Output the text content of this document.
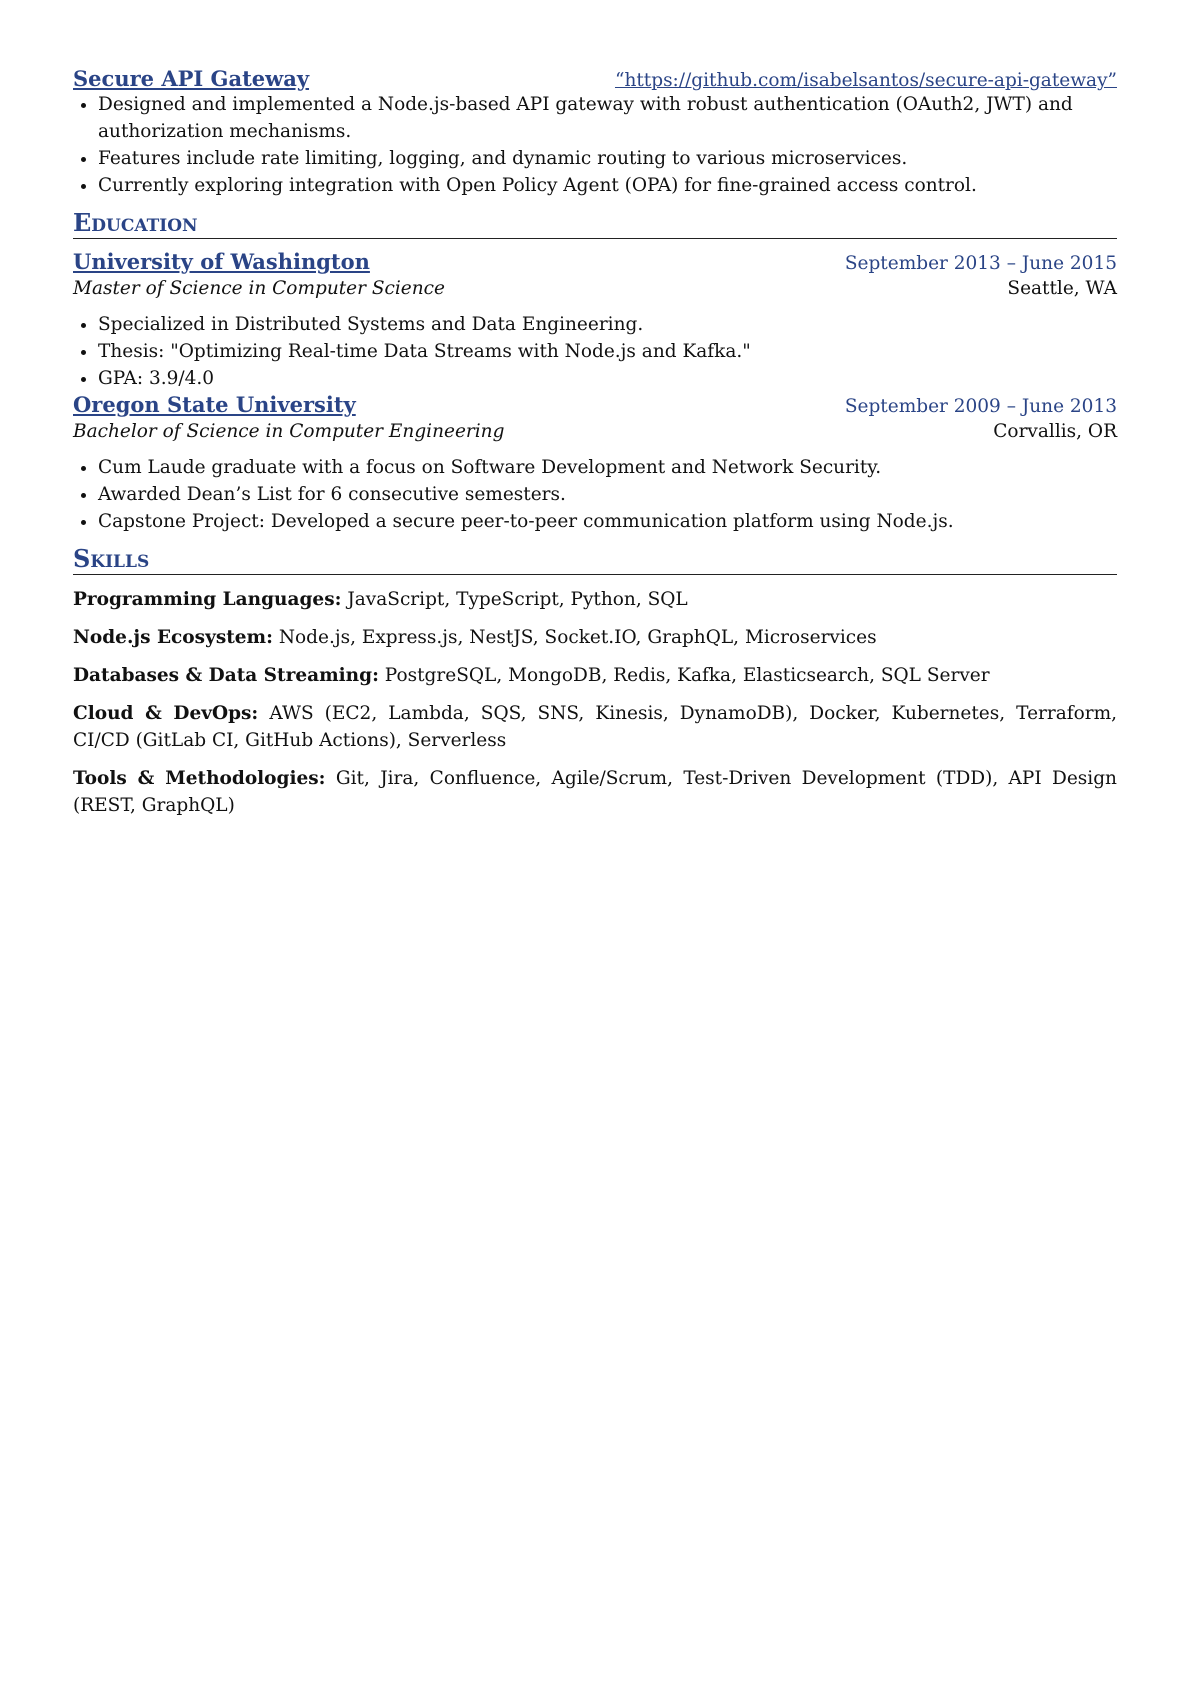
Secure API Gateway	“https://github.com/isabelsantos/secure-api-gateway”
• Designed and implemented a Node.js-based API gateway with robust authentication (OAuth2, JWT) and authorization mechanisms.
• Features include rate limiting, logging, and dynamic routing to various microservices.
• Currently exploring integration with Open Policy Agent (OPA) for fine-grained access control.
Education
University of Washington	September 2013 – June 2015
Master of Science in Computer Science	Seattle, WA
• Specialized in Distributed Systems and Data Engineering.
• Thesis: "Optimizing Real-time Data Streams with Node.js and Kafka."
• GPA: 3.9/4.0
Oregon State University	September 2009 – June 2013
Bachelor of Science in Computer Engineering	Corvallis, OR
• Cum Laude graduate with a focus on Software Development and Network Security.
• Awarded Dean’s List for 6 consecutive semesters.
• Capstone Project: Developed a secure peer-to-peer communication platform using Node.js.
Skills
Programming Languages: JavaScript, TypeScript, Python, SQL
Node.js Ecosystem: Node.js, Express.js, NestJS, Socket.IO, GraphQL, Microservices
Databases & Data Streaming: PostgreSQL, MongoDB, Redis, Kafka, Elasticsearch, SQL Server
Cloud & DevOps: AWS (EC2, Lambda, SQS, SNS, Kinesis, DynamoDB), Docker, Kubernetes, Terraform, CI/CD (GitLab CI, GitHub Actions), Serverless
Tools & Methodologies: Git, Jira, Confluence, Agile/Scrum, Test-Driven Development (TDD), API Design (REST, GraphQL)
